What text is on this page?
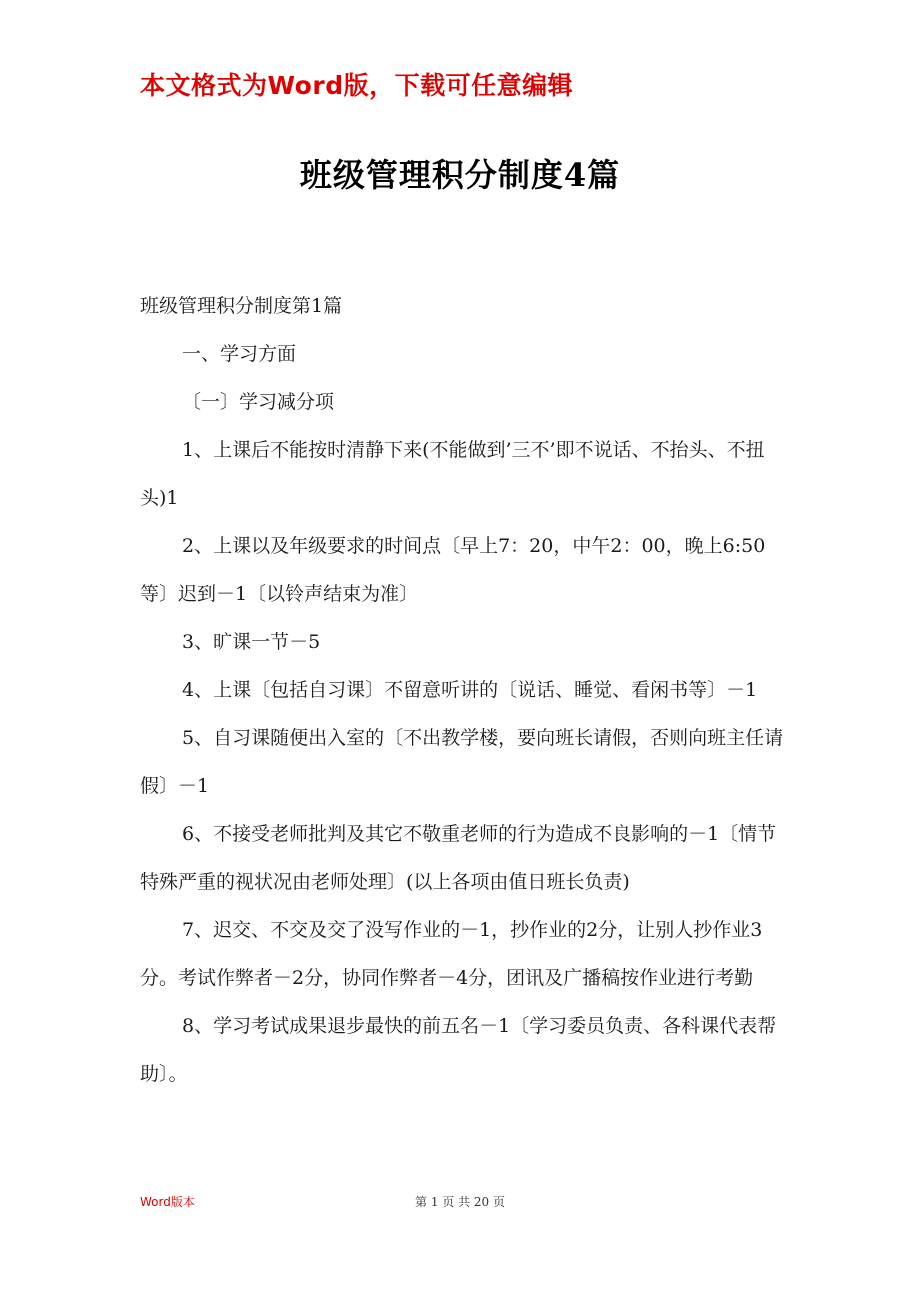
本文格式为Word版，下载可任意编辑
班级管理积分制度4篇

班级管理积分制度第1篇

一、学习方面

〔一〕学习减分项

1、上课后不能按时清静下来(不能做到’三不’即不说话、不抬头、不扭头)1

2、上课以及年级要求的时间点〔早上7：20，中午2：00，晚上6:50等〕迟到－1〔以铃声结束为准〕

3、旷课一节－5

4、上课〔包括自习课〕不留意听讲的〔说话、睡觉、看闲书等〕－1

5、自习课随便出入室的〔不出教学楼，要向班长请假，否则向班主任请假〕－1

6、不接受老师批判及其它不敬重老师的行为造成不良影响的－1〔情节特殊严重的视状况由老师处理〕(以上各项由值日班长负责)

7、迟交、不交及交了没写作业的－1，抄作业的2分，让别人抄作业3分。考试作弊者－2分，协同作弊者－4分，团讯及广播稿按作业进行考勤

8、学习考试成果退步最快的前五名－1〔学习委员负责、各科课代表帮助〕。

Word版本	第 1 页 共 20 页
